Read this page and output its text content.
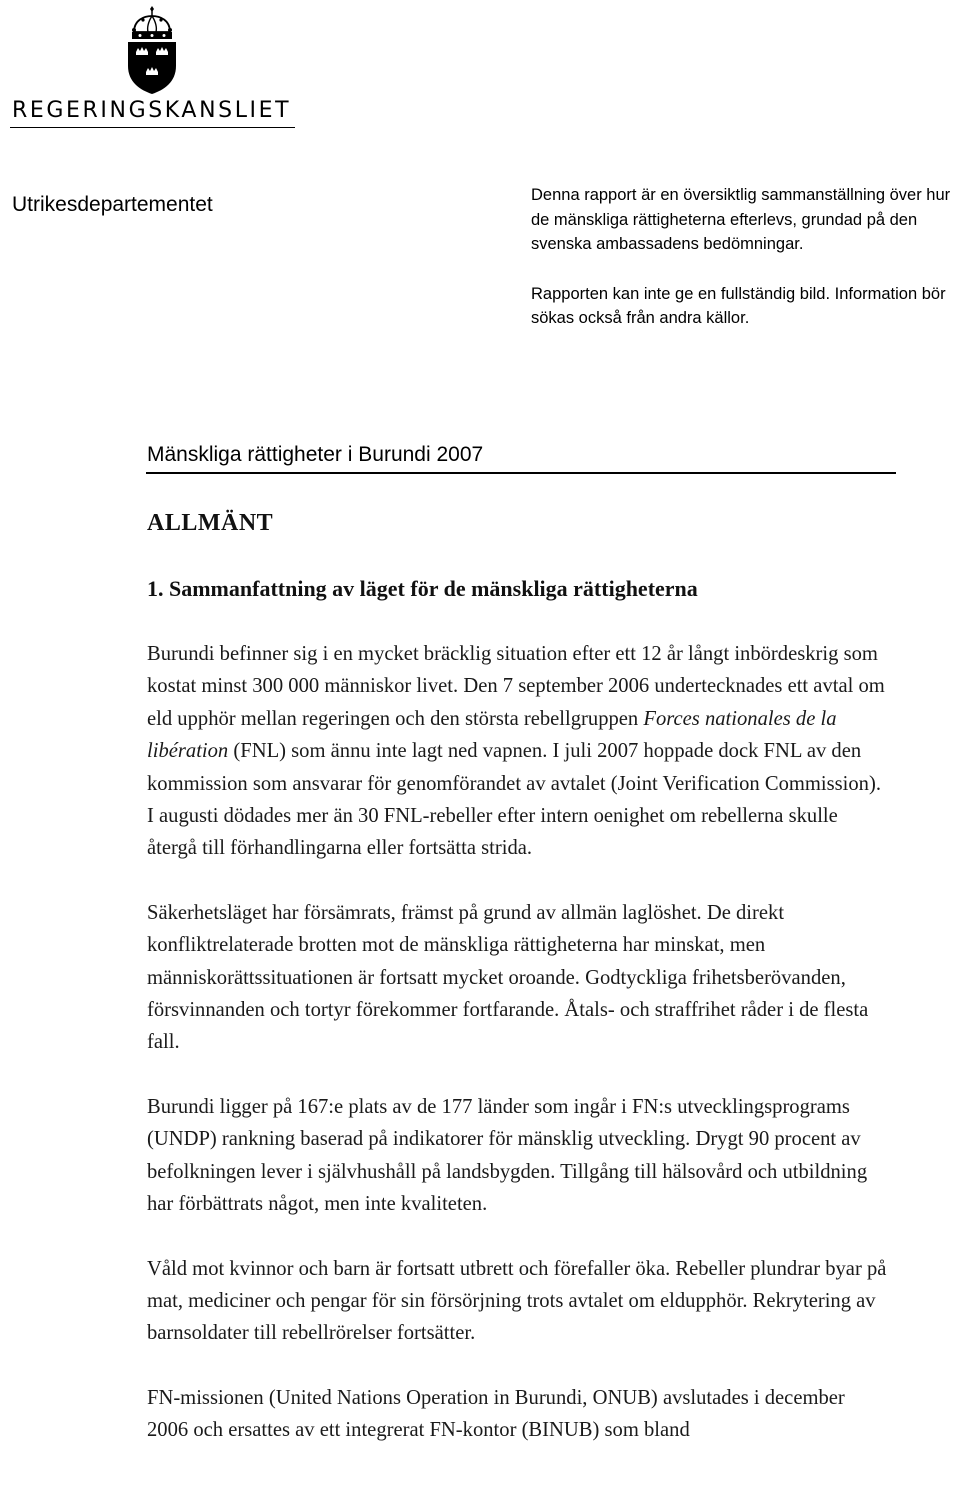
REGERINGSKANSLIET
Utrikesdepartementet	Denna rapport är en översiktlig sammanställning över hur de mänskliga rättigheterna efterlevs, grundad på den svenska ambassadens bedömningar.

Rapporten kan inte ge en fullständig bild. Information bör sökas också från andra källor.

Mänskliga rättigheter i Burundi 2007
ALLMÄNT
1. Sammanfattning av läget för de mänskliga rättigheterna

Burundi befinner sig i en mycket bräcklig situation efter ett 12 år långt inbördeskrig som kostat minst 300 000 människor livet. Den 7 september 2006 undertecknades ett avtal om eld upphör mellan regeringen och den största rebellgruppen Forces nationales de la libération (FNL) som ännu inte lagt ned vapnen. I juli 2007 hoppade dock FNL av den kommission som ansvarar för genomförandet av avtalet (Joint Verification Commission). I augusti dödades mer än 30 FNL-rebeller efter intern oenighet om rebellerna skulle återgå till förhandlingarna eller fortsätta strida.

Säkerhetsläget har försämrats, främst på grund av allmän laglöshet. De direkt konfliktrelaterade brotten mot de mänskliga rättigheterna har minskat, men människorättssituationen är fortsatt mycket oroande. Godtyckliga frihetsberövanden, försvinnanden och tortyr förekommer fortfarande. Åtals- och straffrihet råder i de flesta fall.

Burundi ligger på 167:e plats av de 177 länder som ingår i FN:s utvecklingsprograms (UNDP) rankning baserad på indikatorer för mänsklig utveckling. Drygt 90 procent av befolkningen lever i självhushåll på landsbygden. Tillgång till hälsovård och utbildning har förbättrats något, men inte kvaliteten.

Våld mot kvinnor och barn är fortsatt utbrett och förefaller öka. Rebeller plundrar byar på mat, mediciner och pengar för sin försörjning trots avtalet om eldupphör. Rekrytering av barnsoldater till rebellrörelser fortsätter.

FN-missionen (United Nations Operation in Burundi, ONUB) avslutades i december 2006 och ersattes av ett integrerat FN-kontor (BINUB) som bland
